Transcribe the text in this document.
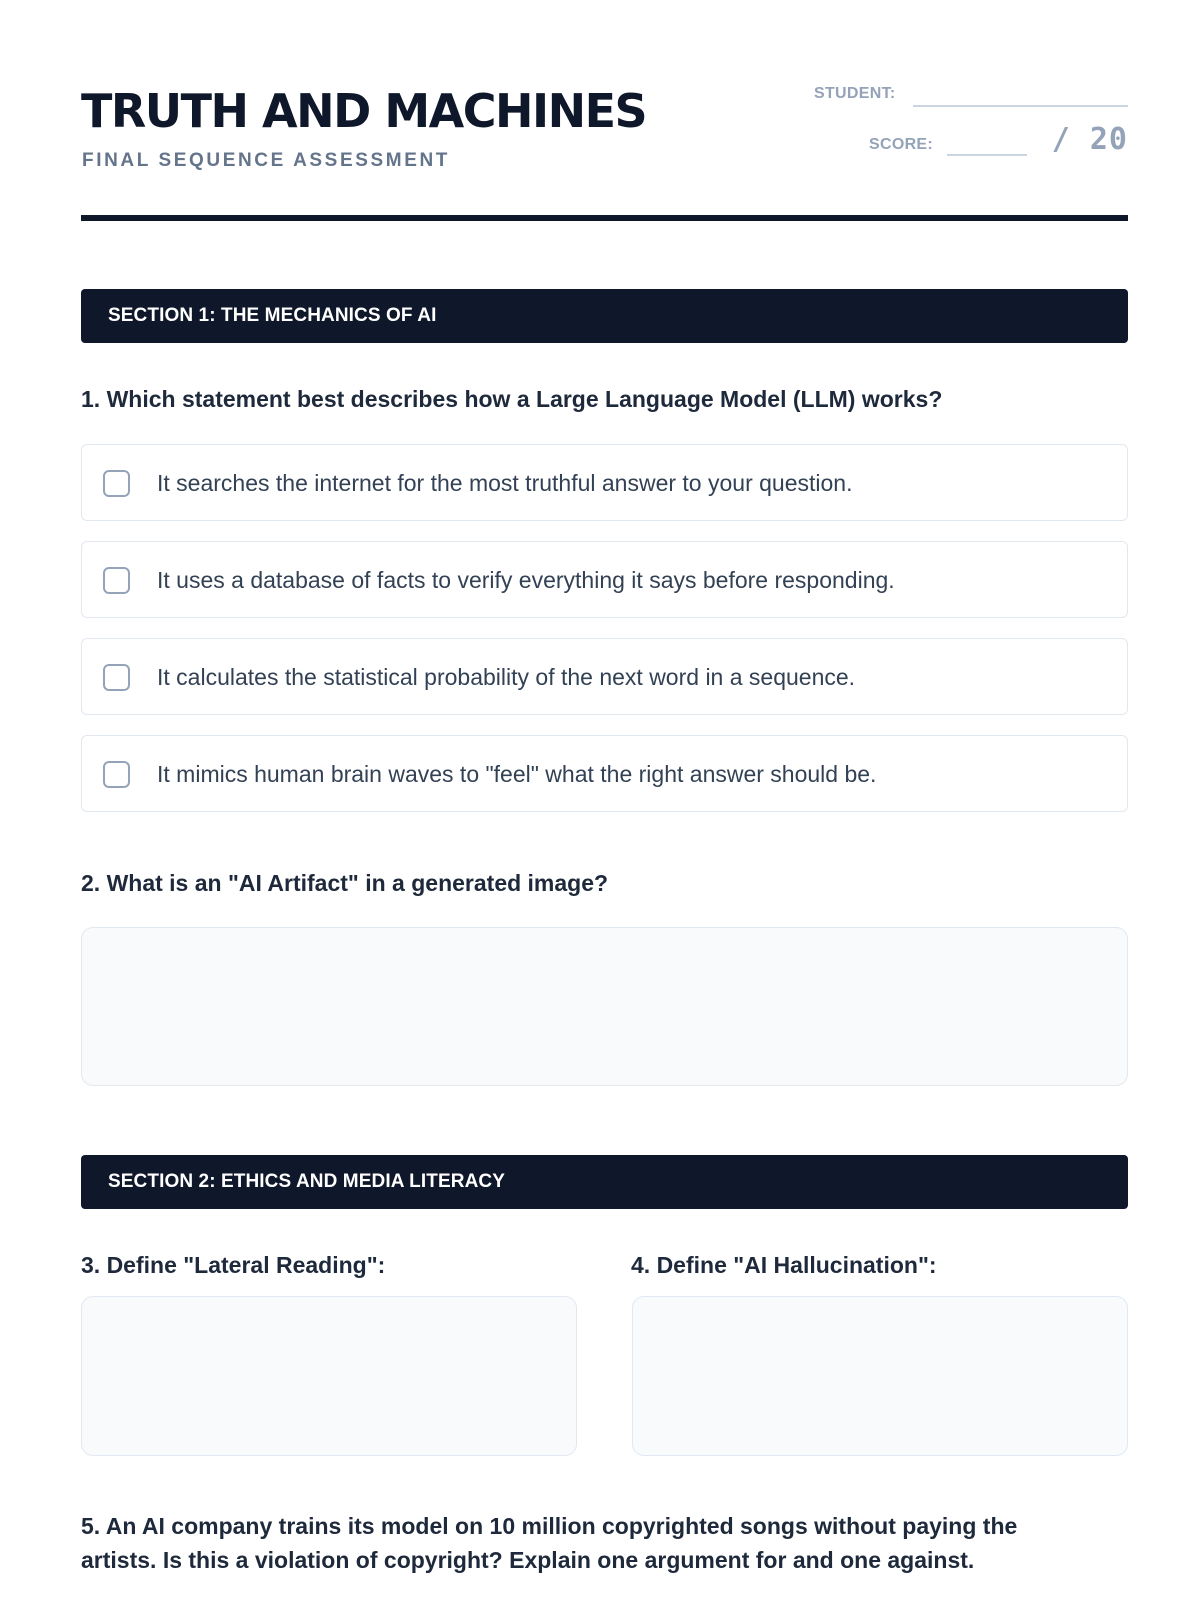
TRUTH AND MACHINES
FINAL SEQUENCE ASSESSMENT
STUDENT:
SCORE:	/ 20
SECTION 1: THE MECHANICS OF AI
1. Which statement best describes how a Large Language Model (LLM) works?
It searches the internet for the most truthful answer to your question.
It uses a database of facts to verify everything it says before responding.
It calculates the statistical probability of the next word in a sequence.
It mimics human brain waves to "feel" what the right answer should be.
2. What is an "AI Artifact" in a generated image?
SECTION 2: ETHICS AND MEDIA LITERACY
3. Define "Lateral Reading":	4. Define "AI Hallucination":
5. An AI company trains its model on 10 million copyrighted songs without paying the
artists. Is this a violation of copyright? Explain one argument for and one against.
